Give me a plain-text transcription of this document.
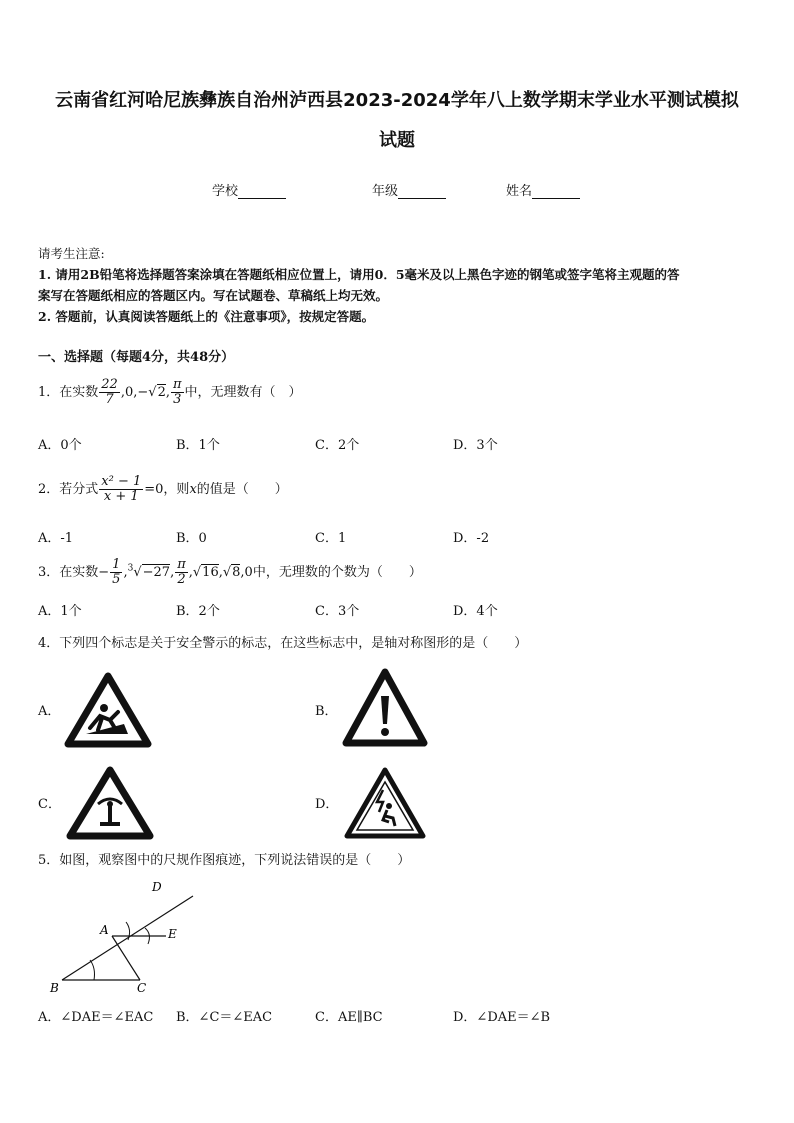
云南省红河哈尼族彝族自治州泸西县2023-2024学年八上数学期末学业水平测试模拟
试题
学校	年级	姓名
请考生注意:
1. 请用2B铅笔将选择题答案涂填在答题纸相应位置上，请用0．5毫米及以上黑色字迹的钢笔或签字笔将主观题的答
案写在答题纸相应的答题区内。写在试题卷、草稿纸上均无效。
2. 答题前，认真阅读答题纸上的《注意事项》，按规定答题。
一、选择题（每题4分，共48分）
1．在实数 $\frac{22}{7} ,0,-√2$, $\frac{\pi}{3}$ 中，无理数有（　）
A．0个	B．1个	C．2个	D．3个
2．若分式 $\frac{\text{x² − 1}}{x + 1} =0$，则x的值是（　　）
A．-1	B．0	C．1	D．-2
3．在实数− $\frac{1}{5} ,^3√-27$, $\frac{\pi}{2} ,√16,√8,0$中，无理数的个数为（　　）
A．1个	B．2个	C．3个	D．4个
4．下列四个标志是关于安全警示的标志，在这些标志中，是轴对称图形的是（　　）
A．	B．
C．	D．
5．如图，观察图中的尺规作图痕迹，下列说法错误的是（　　）
D
A	E
B	C
A．∠DAE＝∠EAC B．∠C＝∠EAC	C．AE∥BC	D．∠DAE＝∠B
